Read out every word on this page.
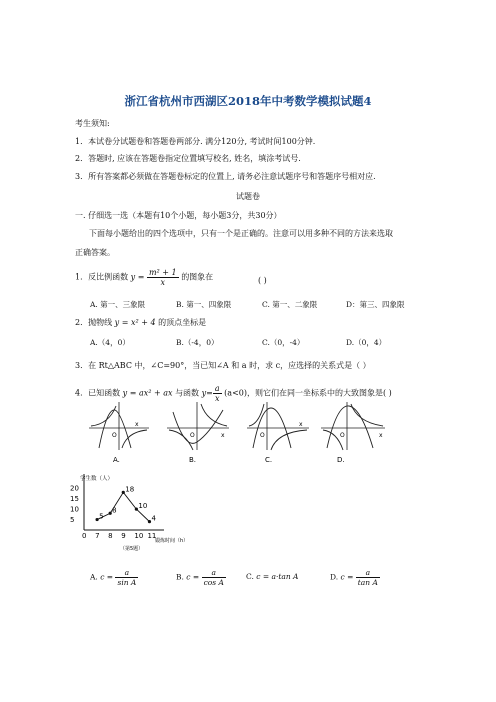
浙江省杭州市西湖区2018年中考数学模拟试题4
考生须知:
1．本试卷分试题卷和答题卷两部分. 满分120分, 考试时间100分钟.
2．答题时, 应该在答题卷指定位置填写校名, 姓名，填涂考试号.
3．所有答案都必须做在答题卷标定的位置上, 请务必注意试题序号和答题序号相对应.
试题卷
一. 仔细选一选（本题有10个小题，每小题3分，共30分）
下面每小题给出的四个选项中，只有一个是正确的。注意可以用多种不同的方法来选取
正确答案。
1．反比例函数 $y = \frac{\text{m² + 1}}{x}$ 的图象在	( )
A. 第一、三象限	B. 第一、四象限	C. 第一、二象限	D：第三、四象限
2．抛物线 y = x² + 4 的顶点坐标是
A.（4，0）	B.（-4，0）	C.（0，-4）	D.（0，4）
3．在 Rt△ABC 中，∠C=90°，当已知∠A 和 a 时，求 c，应选择的关系式是（ ）
4．已知函数 y = ax² + ax 与函数 $y= \frac{a}{x} (a<0)$，则它们在同一坐标系中的大致图象是( )
x
O	x
O
x
O	x
O
A.	B.	C.	D.
学生数（人）
锻炼时间（h）
（第5题）
5
10
15
20
0 7 8 9 10 11
5
8
18
10
4
A. $c = \frac{a}{\text{sin A}}$	B. $c = \frac{a}{\text{cos A}}$	C. c = a·tan A	D. $c = \frac{a}{\text{tan A}}$
